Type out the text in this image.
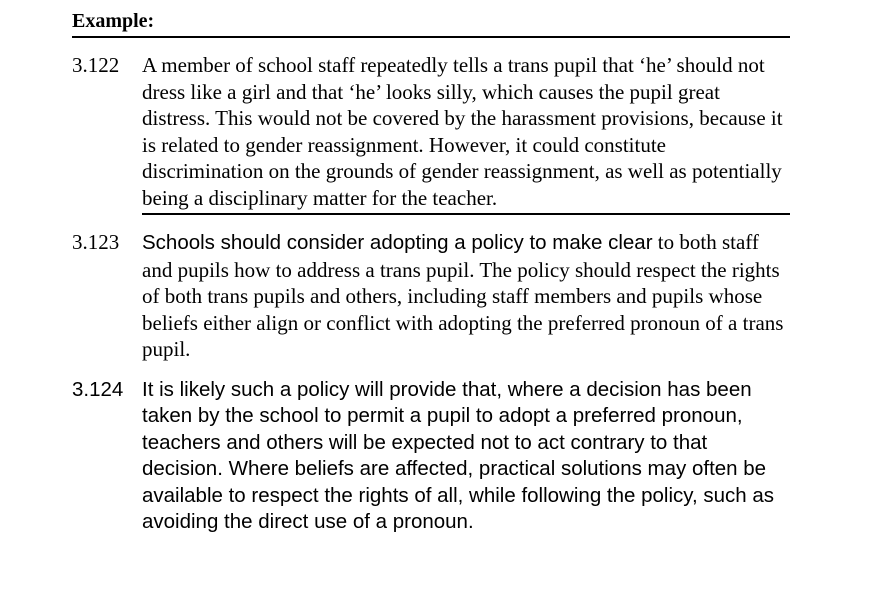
Example:
3.122 A member of school staff repeatedly tells a trans pupil that ‘he’ should not dress like a girl and that ‘he’ looks silly, which causes the pupil great distress. This would not be covered by the harassment provisions, because it is related to gender reassignment. However, it could constitute discrimination on the grounds of gender reassignment, as well as potentially being a disciplinary matter for the teacher.
3.123 Schools should consider adopting a policy to make clear to both staff and pupils how to address a trans pupil. The policy should respect the rights of both trans pupils and others, including staff members and pupils whose beliefs either align or conflict with adopting the preferred pronoun of a trans pupil.
3.124 It is likely such a policy will provide that, where a decision has been taken by the school to permit a pupil to adopt a preferred pronoun, teachers and others will be expected not to act contrary to that decision. Where beliefs are affected, practical solutions may often be available to respect the rights of all, while following the policy, such as avoiding the direct use of a pronoun.
